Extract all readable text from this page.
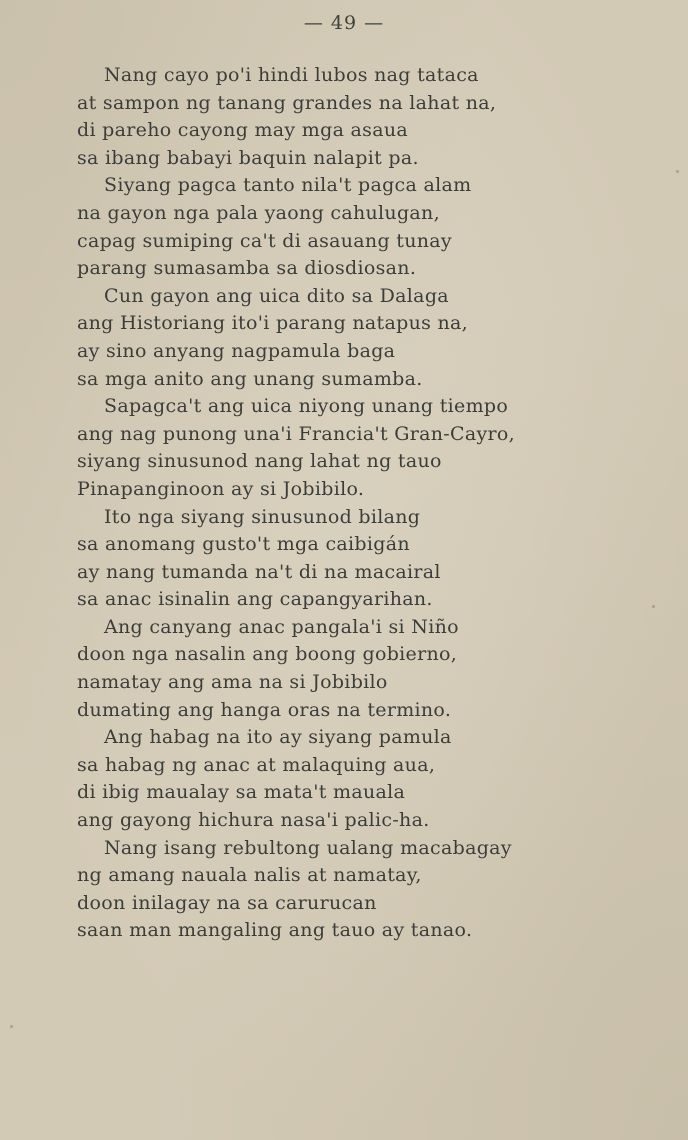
— 49 —
Nang cayo po'i hindi lubos nag tataca
at sampon ng tanang grandes na lahat na,
di pareho cayong may mga asaua
sa ibang babayi baquin nalapit pa.
Siyang pagca tanto nila't pagca alam
na gayon nga pala yaong cahulugan,
capag sumiping ca't di asauang tunay
parang sumasamba sa diosdiosan.
Cun gayon ang uica dito sa Dalaga
ang Historiang ito'i parang natapus na,
ay sino anyang nagpamula baga
sa mga anito ang unang sumamba.
Sapagca't ang uica niyong unang tiempo
ang nag punong una'i Francia't Gran-Cayro,
siyang sinusunod nang lahat ng tauo
Pinapanginoon ay si Jobibilo.
Ito nga siyang sinusunod bilang
sa anomang gusto't mga caibigán
ay nang tumanda na't di na macairal
sa anac isinalin ang capangyarihan.
Ang canyang anac pangala'i si Niño
doon nga nasalin ang boong gobierno,
namatay ang ama na si Jobibilo
dumating ang hanga oras na termino.
Ang habag na ito ay siyang pamula
sa habag ng anac at malaquing aua,
di ibig maualay sa mata't mauala
ang gayong hichura nasa'i palic-ha.
Nang isang rebultong ualang macabagay
ng amang nauala nalis at namatay,
doon inilagay na sa carurucan
saan man mangaling ang tauo ay tanao.
